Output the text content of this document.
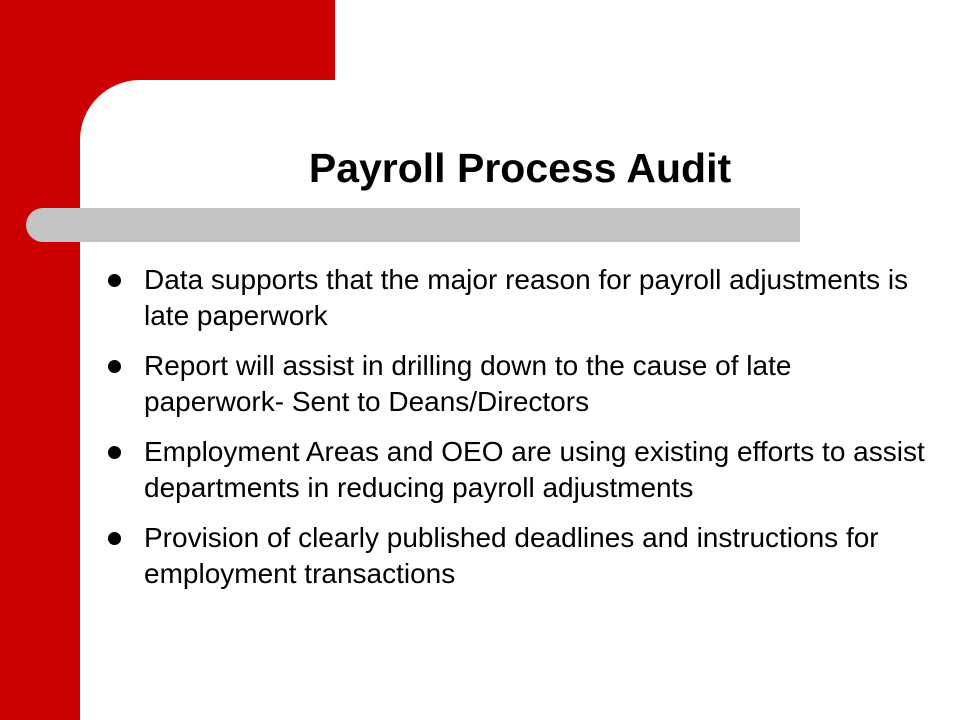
Payroll Process Audit
Data supports that the major reason for payroll adjustments is late paperwork
Report will assist in drilling down to the cause of late paperwork- Sent to Deans/Directors
Employment Areas and OEO are using existing efforts to assist departments in reducing payroll adjustments
Provision of clearly published deadlines and instructions for employment transactions
